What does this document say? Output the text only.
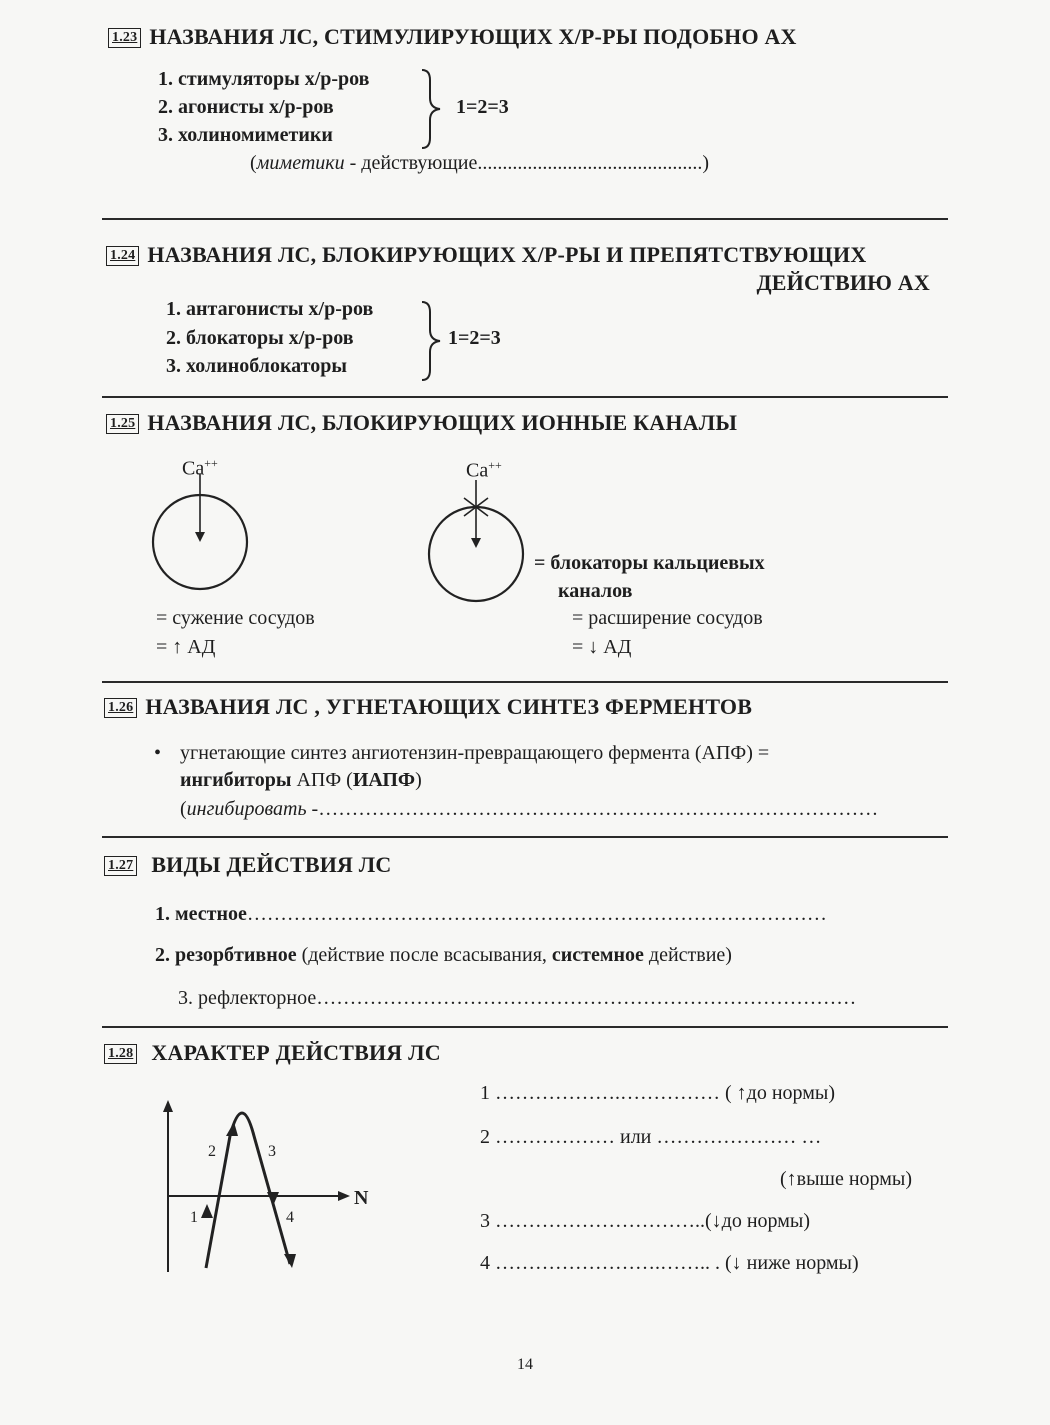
1.23 НАЗВАНИЯ ЛС, СТИМУЛИРУЮЩИХ Х/Р-РЫ ПОДОБНО АХ
1. стимуляторы х/р-ров
2. агонисты х/р-ров
3. холиномиметики
1=2=3
(миметики - действующие.............................................)
1.24 НАЗВАНИЯ ЛС, БЛОКИРУЮЩИХ Х/Р-РЫ И ПРЕПЯТСТВУЮЩИХ
ДЕЙСТВИЮ АХ
1. антагонисты х/р-ров
2. блокаторы х/р-ров
3. холиноблокаторы
1=2=3
1.25 НАЗВАНИЯ ЛС, БЛОКИРУЮЩИХ ИОННЫЕ КАНАЛЫ
Ca++	Ca++
= блокаторы кальциевых
каналов
= сужение сосудов
= ↑ АД
= расширение сосудов
= ↓ АД
1.26 НАЗВАНИЯ ЛС , УГНЕТАЮЩИХ СИНТЕЗ ФЕРМЕНТОВ
• угнетающие синтез ангиотензин-превращающего фермента (АПФ) =
ингибиторы АПФ (ИАПФ)
(ингибировать -…………………………………………………………………………
1.27 ВИДЫ ДЕЙСТВИЯ ЛС
1. местное……………………………………………………………………………
2. резорбтивное (действие после всасывания, системное действие)
3. рефлекторное………………………………………………………………………
1.28 ХАРАКТЕР ДЕЙСТВИЯ ЛС
N
2	3
1	4
1 ……………….…………… ( ↑до нормы)
2 ……………… или ………………… …
(↑выше нормы)
3 …………………………..(↓до нормы)
4 …………………….…….. . (↓ ниже нормы)
14
